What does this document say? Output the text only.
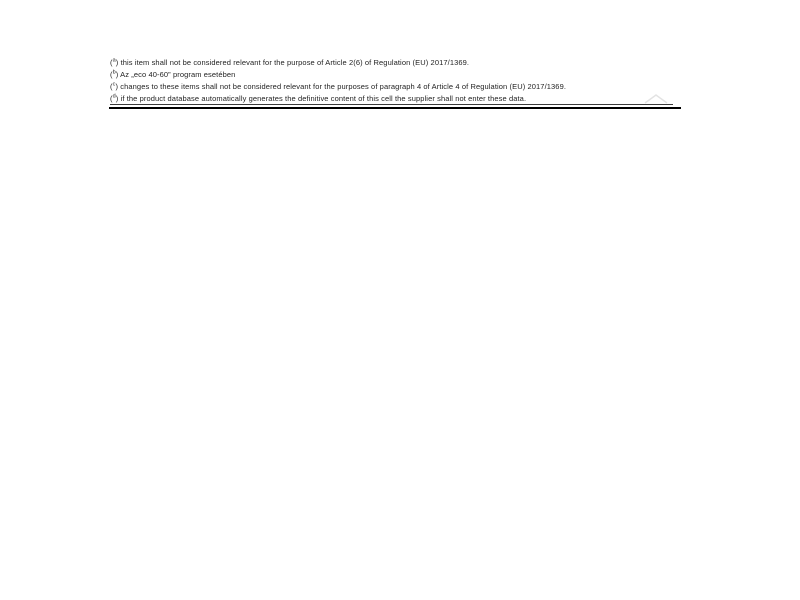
($^a$) this item shall not be considered relevant for the purpose of Article 2(6) of Regulation (EU) 2017/1369.
($^b$) Az „eco 40-60” program esetében
($^c$) changes to these items shall not be considered relevant for the purposes of paragraph 4 of Article 4 of Regulation (EU) 2017/1369.
($^d$) if the product database automatically generates the definitive content of this cell the supplier shall not enter these data.
